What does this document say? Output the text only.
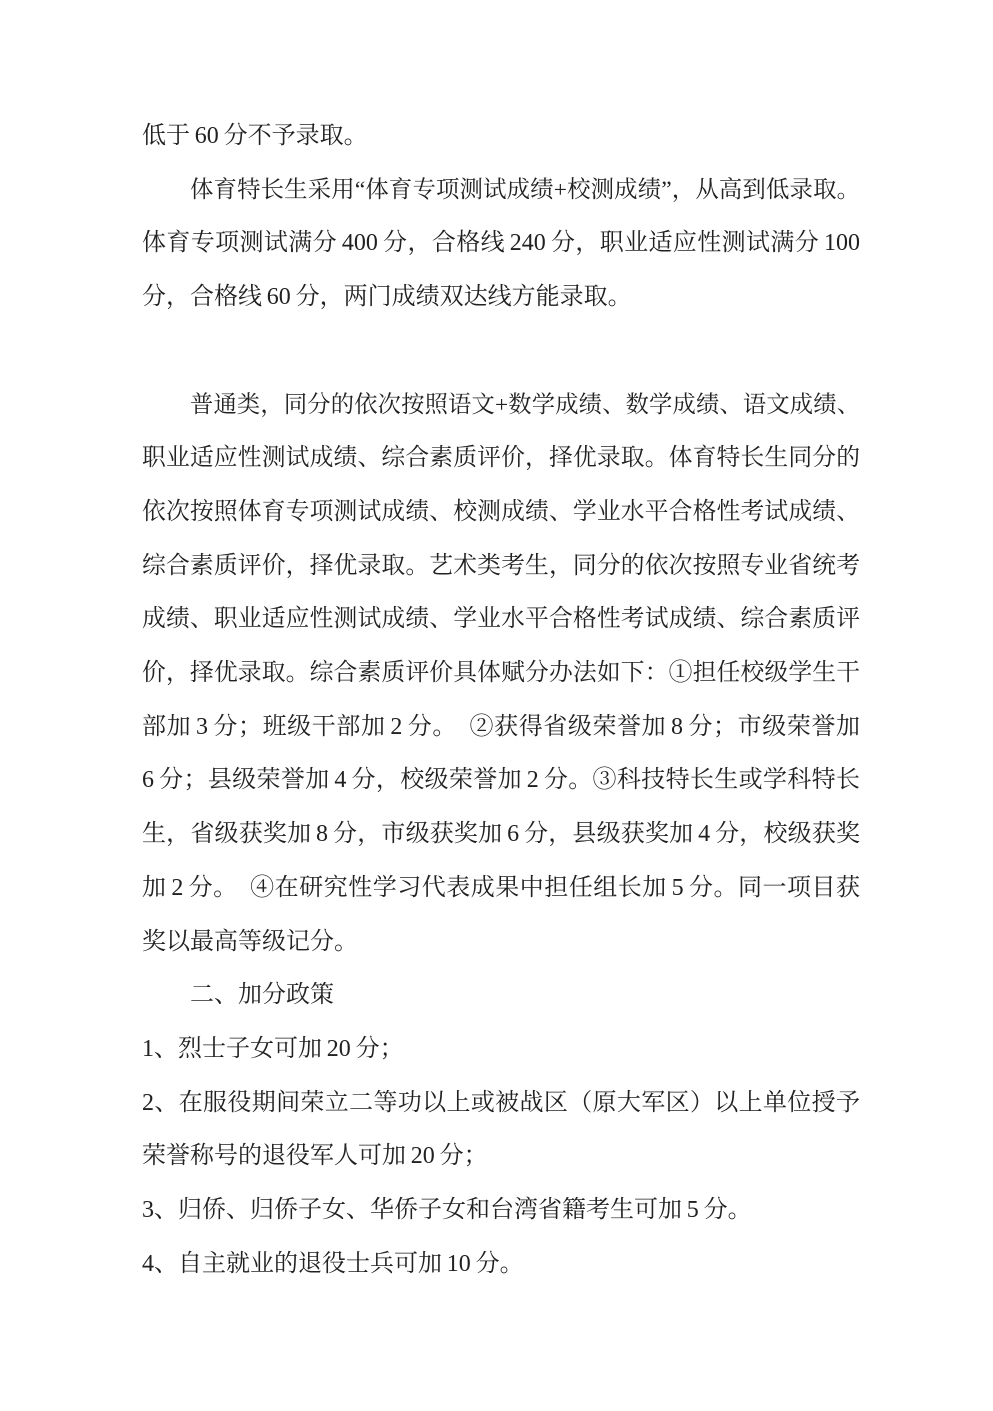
低于 60 分不予录取。
体育特长生采用“体育专项测试成绩+校测成绩”，从高到低录取。
体育专项测试满分 400 分，合格线 240 分，职业适应性测试满分 100
分，合格线 60 分，两门成绩双达线方能录取。
普通类，同分的依次按照语文+数学成绩、数学成绩、语文成绩、
职业适应性测试成绩、综合素质评价，择优录取。体育特长生同分的
依次按照体育专项测试成绩、校测成绩、学业水平合格性考试成绩、
综合素质评价，择优录取。艺术类考生，同分的依次按照专业省统考
成绩、职业适应性测试成绩、学业水平合格性考试成绩、综合素质评
价，择优录取。综合素质评价具体赋分办法如下：①担任校级学生干
部加 3 分；班级干部加 2 分。　②获得省级荣誉加 8 分；市级荣誉加
6 分；县级荣誉加 4 分，校级荣誉加 2 分。③科技特长生或学科特长
生，省级获奖加 8 分，市级获奖加 6 分，县级获奖加 4 分，校级获奖
加 2 分。　④在研究性学习代表成果中担任组长加 5 分。同一项目获
奖以最高等级记分。
二、加分政策
1、烈士子女可加 20 分；
2、在服役期间荣立二等功以上或被战区（原大军区）以上单位授予
荣誉称号的退役军人可加 20 分；
3、归侨、归侨子女、华侨子女和台湾省籍考生可加 5 分。
4、自主就业的退役士兵可加 10 分。
